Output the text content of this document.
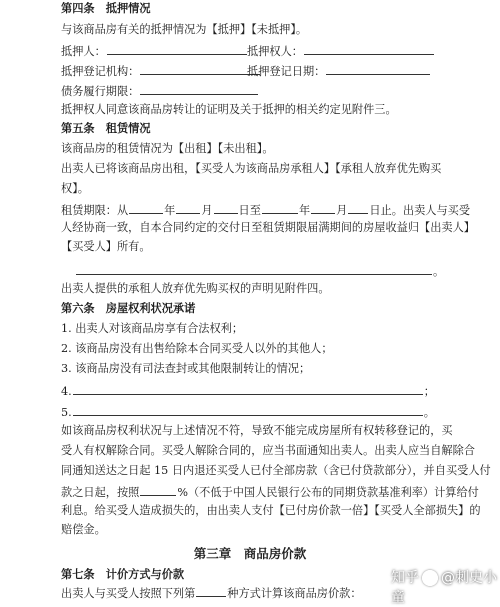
第四条　抵押情况
与该商品房有关的抵押情况为【抵押】【未抵押】。
抵押人：	抵押权人：
抵押登记机构：	抵押登记日期：
债务履行期限：
抵押权人同意该商品房转让的证明及关于抵押的相关约定见附件三。
第五条　租赁情况
该商品房的租赁情况为【出租】【未出租】。
出卖人已将该商品房出租，【买受人为该商品房承租人】【承租人放弃优先购买
权】。
租赁期限：从	年 月 日至	年 月 日止。出卖人与买受
人经协商一致，自本合同约定的交付日至租赁期限届满期间的房屋收益归【出卖人】
【买受人】所有。
。
出卖人提供的承租人放弃优先购买权的声明见附件四。
第六条　房屋权利状况承诺
1. 出卖人对该商品房享有合法权利；
2. 该商品房没有出售给除本合同买受人以外的其他人；
3. 该商品房没有司法查封或其他限制转让的情况；
4.	；
5.	。
如该商品房权利状况与上述情况不符，导致不能完成房屋所有权转移登记的，买
受人有权解除合同。买受人解除合同的，应当书面通知出卖人。出卖人应当自解除合
同通知送达之日起 15 日内退还买受人已付全部房款（含已付贷款部分），并自买受人付
款之日起，按照	%（不低于中国人民银行公布的同期贷款基准利率）计算给付
利息。给买受人造成损失的，由出卖人支付【已付房价款一倍】【买受人全部损失】的
赔偿金。
第三章　商品房价款
第七条　计价方式与价款
出卖人与买受人按照下列第	种方式计算该商品房价款：
知乎 @刺史小童
